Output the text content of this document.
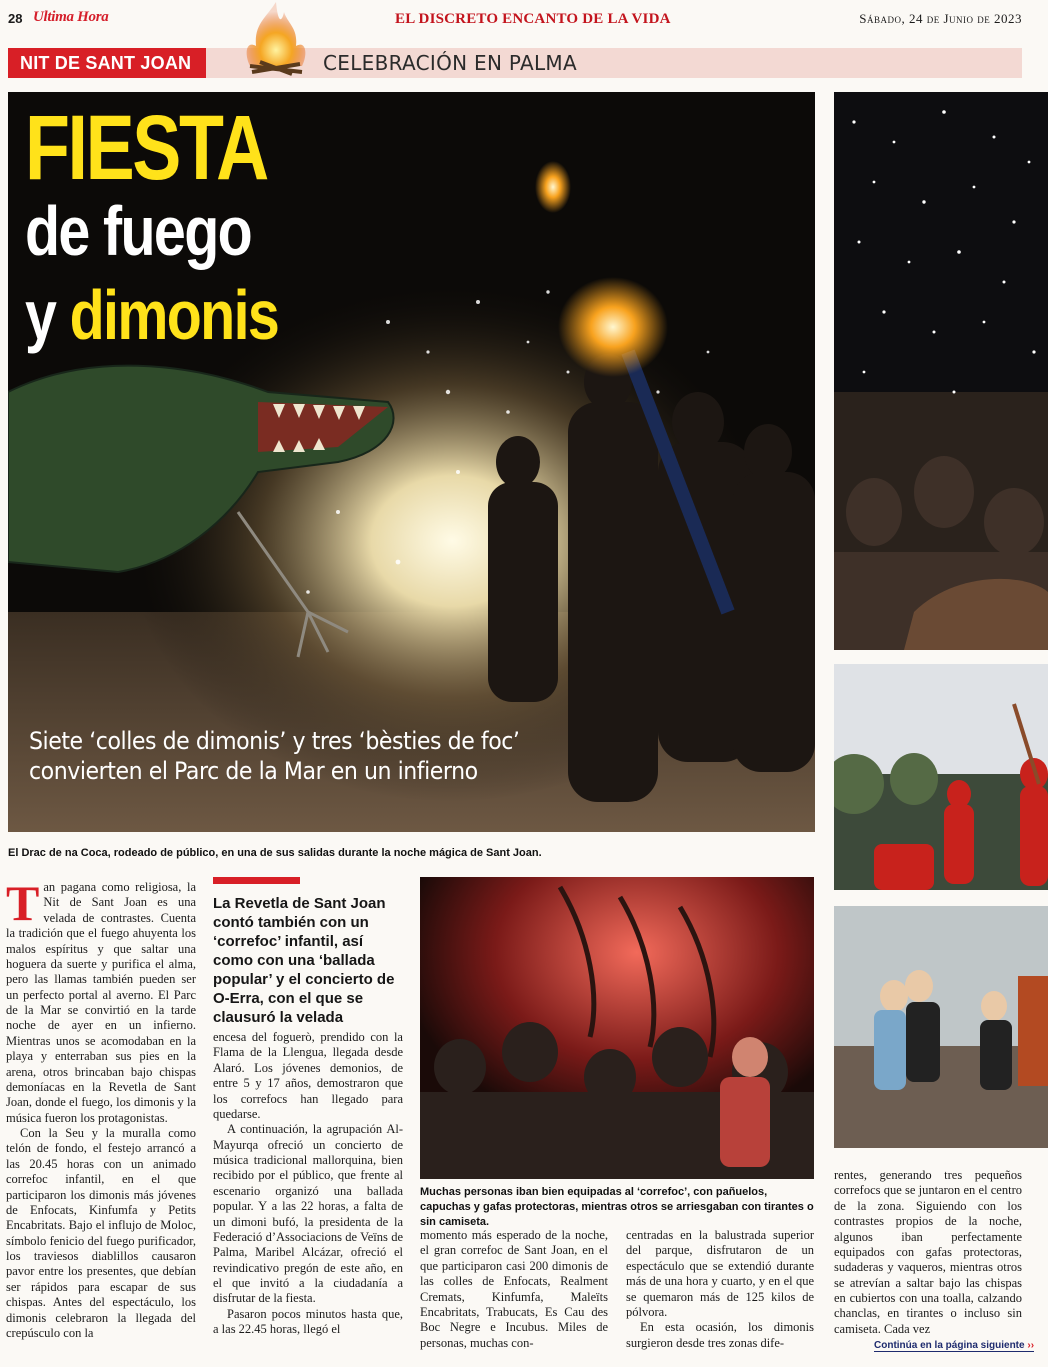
28 Ultima Hora	EL DISCRETO ENCANTO DE LA VIDA	Sábado, 24 de Junio de 2023
NIT DE SANT JOAN	CELEBRACIÓN EN PALMA
FIESTA
de fuego
y dimonis
Siete ‘colles de dimonis’ y tres ‘bèsties de foc’ convierten el Parc de la Mar en un infierno
El Drac de na Coca, rodeado de público, en una de sus salidas durante la noche mágica de Sant Joan.
Muchas personas iban bien equipadas al ‘correfoc’, con pañuelos, capuchas y gafas protectoras, mientras otros se arriesgaban con tirantes o sin camiseta.
La Revetla de Sant Joan contó también con un ‘correfoc’ infantil, así como con una ‘ballada popular’ y el concierto de O-Erra, con el que se clausuró la velada

Tan pagana como religiosa, la Nit de Sant Joan es una velada de contrastes. Cuenta la tradición que el fuego ahuyenta los malos espíritus y que saltar una hoguera da suerte y purifica el alma, pero las llamas también pueden ser un perfecto portal al averno. El Parc de la Mar se convirtió en la tarde noche de ayer en un infierno. Mientras unos se acomodaban en la playa y enterraban sus pies en la arena, otros brincaban bajo chispas demoníacas en la Revetla de Sant Joan, donde el fuego, los dimonis y la música fueron los protagonistas.

Con la Seu y la muralla como telón de fondo, el festejo arrancó a las 20.45 horas con un animado correfoc infantil, en el que participaron los dimonis más jóvenes de Enfocats, Kinfumfa y Petits Encabritats. Bajo el influjo de Moloc, símbolo fenicio del fuego purificador, los traviesos diablillos causaron pavor entre los presentes, que debían ser rápidos para escapar de sus chispas. Antes del espectáculo, los dimonis celebraron la llegada del crepúsculo con la

encesa del foguerò, prendido con la Flama de la Llengua, llegada desde Alaró. Los jóvenes demonios, de entre 5 y 17 años, demostraron que los correfocs han llegado para quedarse.

A continuación, la agrupación Al-Mayurqa ofreció un concierto de música tradicional mallorquina, bien recibido por el público, que frente al escenario organizó una ballada popular. Y a las 22 horas, a falta de un dimoni bufó, la presidenta de la Federació d’Associacions de Veïns de Palma, Maribel Alcázar, ofreció el revindicativo pregón de este año, en el que invitó a la ciudadanía a disfrutar de la fiesta.

Pasaron pocos minutos hasta que, a las 22.45 horas, llegó el

momento más esperado de la noche, el gran correfoc de Sant Joan, en el que participaron casi 200 dimonis de las colles de Enfocats, Realment Cremats, Kinfumfa, Maleïts Encabritats, Trabucats, Es Cau des Boc Negre e Incubus. Miles de personas, muchas con-

centradas en la balustrada superior del parque, disfrutaron de un espectáculo que se extendió durante más de una hora y cuarto, y en el que se quemaron más de 125 kilos de pólvora.

En esta ocasión, los dimonis surgieron desde tres zonas dife-

rentes, generando tres pequeños correfocs que se juntaron en el centro de la zona. Siguiendo con los contrastes propios de la noche, algunos iban perfectamente equipados con gafas protectoras, sudaderas y vaqueros, mientras otros se atrevían a saltar bajo las chispas en cubiertos con una toalla, calzando chanclas, en tirantes o incluso sin camiseta. Cada vez

Continúa en la página siguiente ››
